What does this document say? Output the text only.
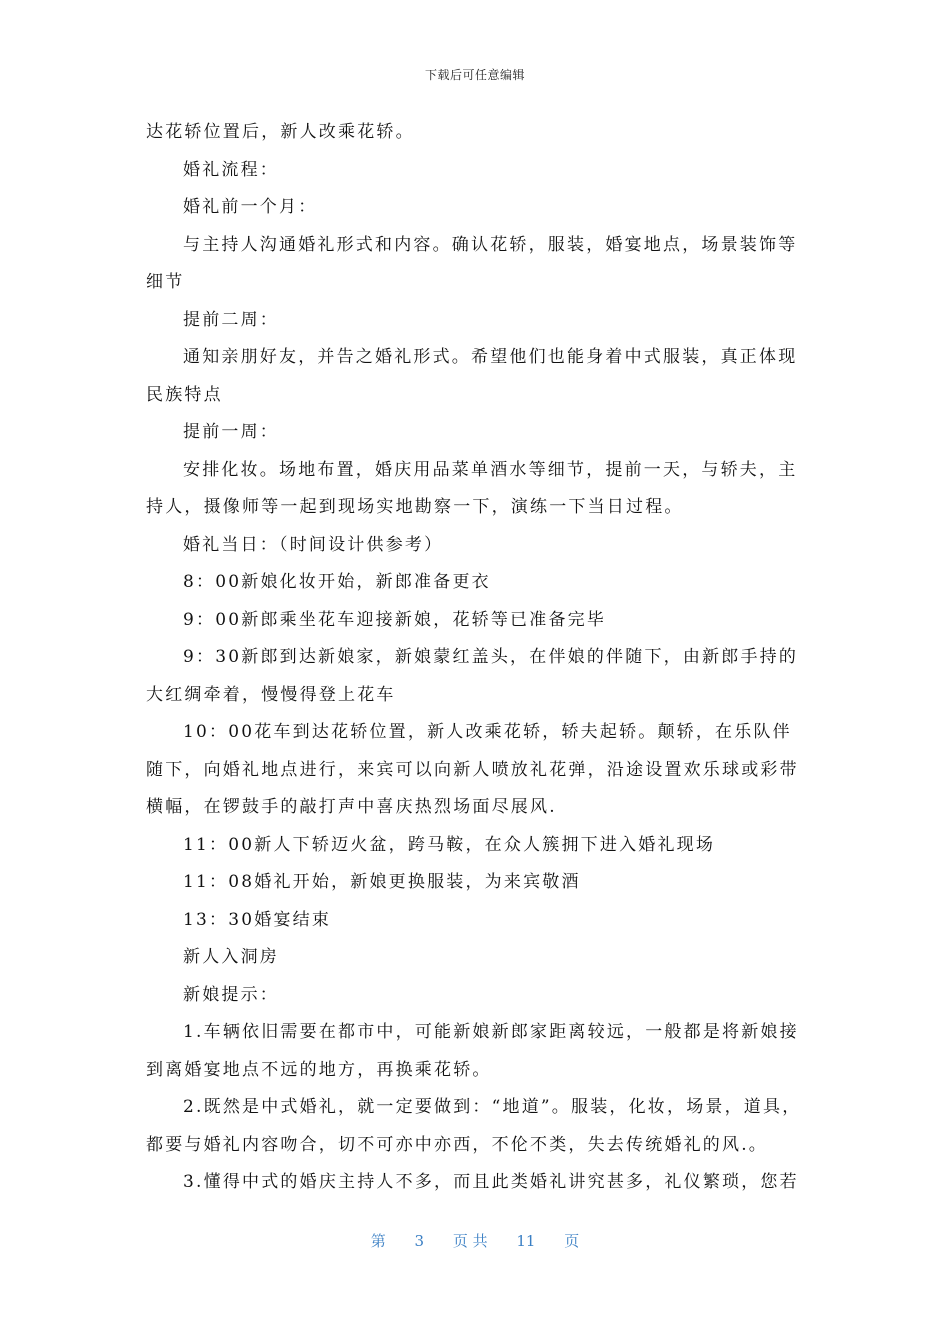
下载后可任意编辑

达花轿位置后，新人改乘花轿。

婚礼流程：

婚礼前一个月：

与主持人沟通婚礼形式和内容。确认花轿，服装，婚宴地点，场景装饰等细节

提前二周：

通知亲朋好友，并告之婚礼形式。希望他们也能身着中式服装，真正体现民族特点

提前一周：

安排化妆。场地布置，婚庆用品菜单酒水等细节，提前一天，与轿夫，主持人，摄像师等一起到现场实地勘察一下，演练一下当日过程。

婚礼当日：（时间设计供参考）

8：00新娘化妆开始，新郎准备更衣

9：00新郎乘坐花车迎接新娘，花轿等已准备完毕

9：30新郎到达新娘家，新娘蒙红盖头，在伴娘的伴随下，由新郎手持的大红绸牵着，慢慢得登上花车

10：00花车到达花轿位置，新人改乘花轿，轿夫起轿。颠轿，在乐队伴随下，向婚礼地点进行，来宾可以向新人喷放礼花弹，沿途设置欢乐球或彩带横幅，在锣鼓手的敲打声中喜庆热烈场面尽展风.

11：00新人下轿迈火盆，跨马鞍，在众人簇拥下进入婚礼现场

11：08婚礼开始，新娘更换服装，为来宾敬酒

13：30婚宴结束

新人入洞房

新娘提示：

1.车辆依旧需要在都市中，可能新娘新郎家距离较远，一般都是将新娘接到离婚宴地点不远的地方，再换乘花轿。

2.既然是中式婚礼，就一定要做到：“地道”。服装，化妆，场景，道具，都要与婚礼内容吻合，切不可亦中亦西，不伦不类，失去传统婚礼的风.。

3.懂得中式的婚庆主持人不多，而且此类婚礼讲究甚多，礼仪繁琐，您若

第 3 页 共 11 页
